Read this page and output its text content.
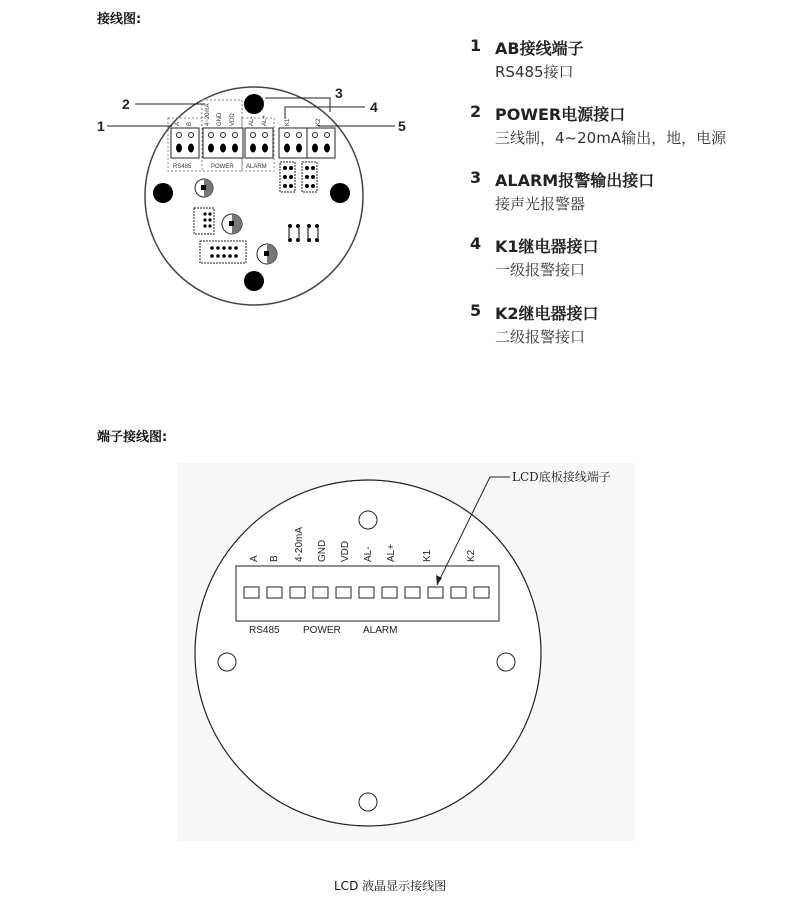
接线图:
1
2
3
4
5
A B 4~20mA GND VDD AL- AL+	K1	K2
RS485	POWER ALARM
1 AB接线端子
RS485接口
2 POWER电源接口
三线制，4~20mA输出，地，电源
3 ALARM报警输出接口
接声光报警器
4 K1继电器接口
一级报警接口
5 K2继电器接口
二级报警接口
端子接线图:
A B 4-20mA GND VDD AL- AL+	K1	K2
RS485 POWER ALARM
LCD底板接线端子
LCD 液晶显示接线图
